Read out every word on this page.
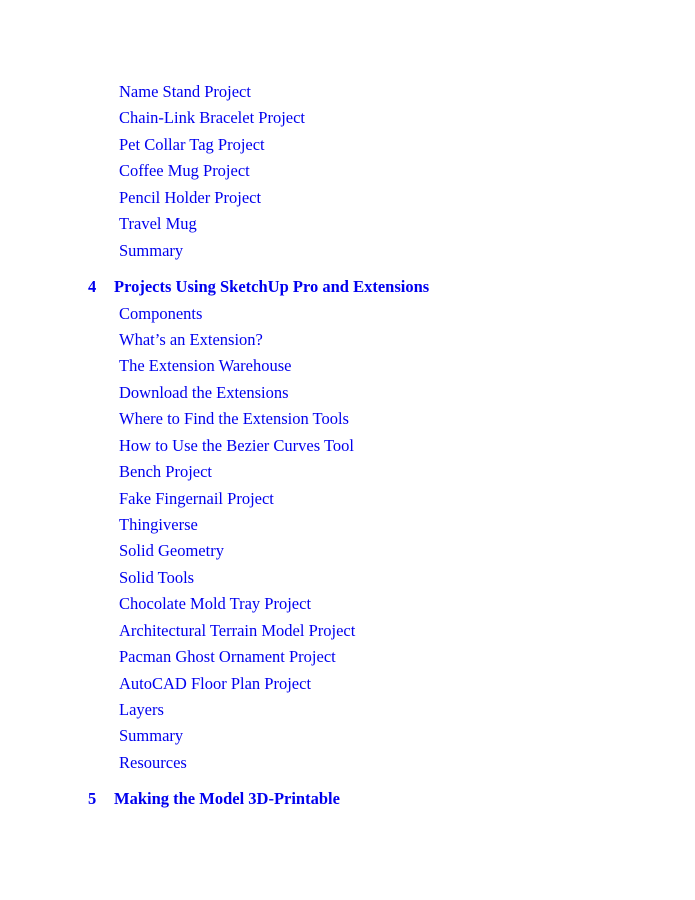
Name Stand Project
Chain-Link Bracelet Project
Pet Collar Tag Project
Coffee Mug Project
Pencil Holder Project
Travel Mug
Summary
4 Projects Using SketchUp Pro and Extensions
Components
What’s an Extension?
The Extension Warehouse
Download the Extensions
Where to Find the Extension Tools
How to Use the Bezier Curves Tool
Bench Project
Fake Fingernail Project
Thingiverse
Solid Geometry
Solid Tools
Chocolate Mold Tray Project
Architectural Terrain Model Project
Pacman Ghost Ornament Project
AutoCAD Floor Plan Project
Layers
Summary
Resources
5 Making the Model 3D-Printable
